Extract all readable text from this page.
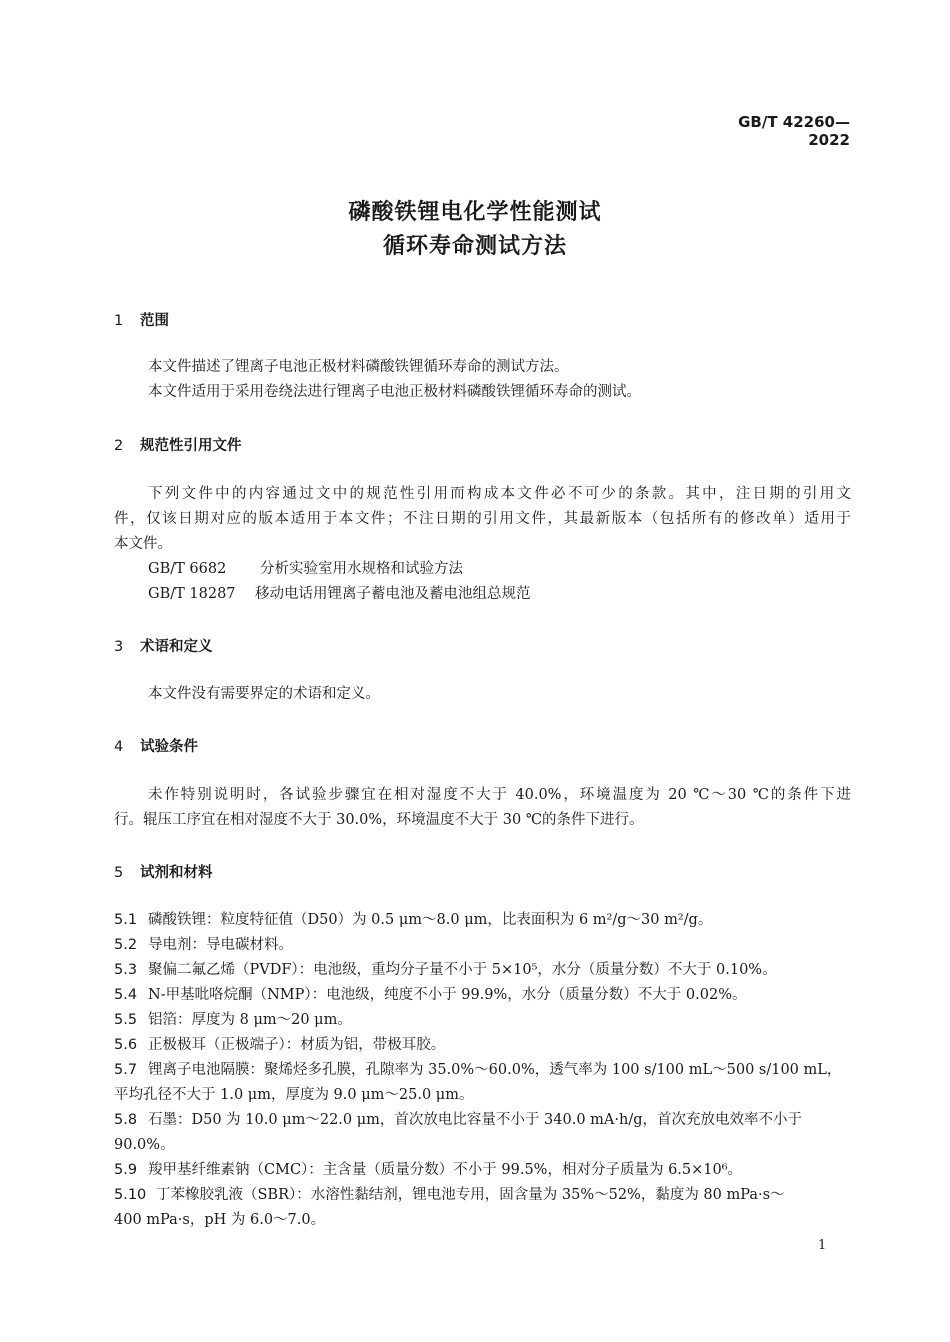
GB/T 42260—2022
磷酸铁锂电化学性能测试
循环寿命测试方法
1 范围
本文件描述了锂离子电池正极材料磷酸铁锂循环寿命的测试方法。
本文件适用于采用卷绕法进行锂离子电池正极材料磷酸铁锂循环寿命的测试。
2 规范性引用文件
下列文件中的内容通过文中的规范性引用而构成本文件必不可少的条款。其中，注日期的引用文
件，仅该日期对应的版本适用于本文件；不注日期的引用文件，其最新版本（包括所有的修改单）适用于
本文件。
GB/T 6682 分析实验室用水规格和试验方法
GB/T 18287 移动电话用锂离子蓄电池及蓄电池组总规范
3 术语和定义
本文件没有需要界定的术语和定义。
4 试验条件
未作特别说明时，各试验步骤宜在相对湿度不大于 40.0%，环境温度为 20 ℃～30 ℃的条件下进
行。辊压工序宜在相对湿度不大于 30.0%，环境温度不大于 30 ℃的条件下进行。
5 试剂和材料
5.1 磷酸铁锂：粒度特征值（D50）为 0.5 μm～8.0 μm，比表面积为 6 m²/g～30 m²/g。
5.2 导电剂：导电碳材料。
5.3 聚偏二氟乙烯（PVDF）：电池级，重均分子量不小于 5×10⁵，水分（质量分数）不大于 0.10%。
5.4 N-甲基吡咯烷酮（NMP）：电池级，纯度不小于 99.9%，水分（质量分数）不大于 0.02%。
5.5 铝箔：厚度为 8 μm～20 μm。
5.6 正极极耳（正极端子）：材质为铝，带极耳胶。
5.7 锂离子电池隔膜：聚烯烃多孔膜，孔隙率为 35.0%～60.0%，透气率为 100 s/100 mL～500 s/100 mL，
平均孔径不大于 1.0 μm，厚度为 9.0 μm～25.0 μm。
5.8 石墨：D50 为 10.0 μm～22.0 μm，首次放电比容量不小于 340.0 mA·h/g，首次充放电效率不小于
90.0%。
5.9 羧甲基纤维素钠（CMC）：主含量（质量分数）不小于 99.5%，相对分子质量为 6.5×10⁶。
5.10 丁苯橡胶乳液（SBR）：水溶性黏结剂，锂电池专用，固含量为 35%～52%，黏度为 80 mPa·s～
400 mPa·s，pH 为 6.0～7.0。
1
